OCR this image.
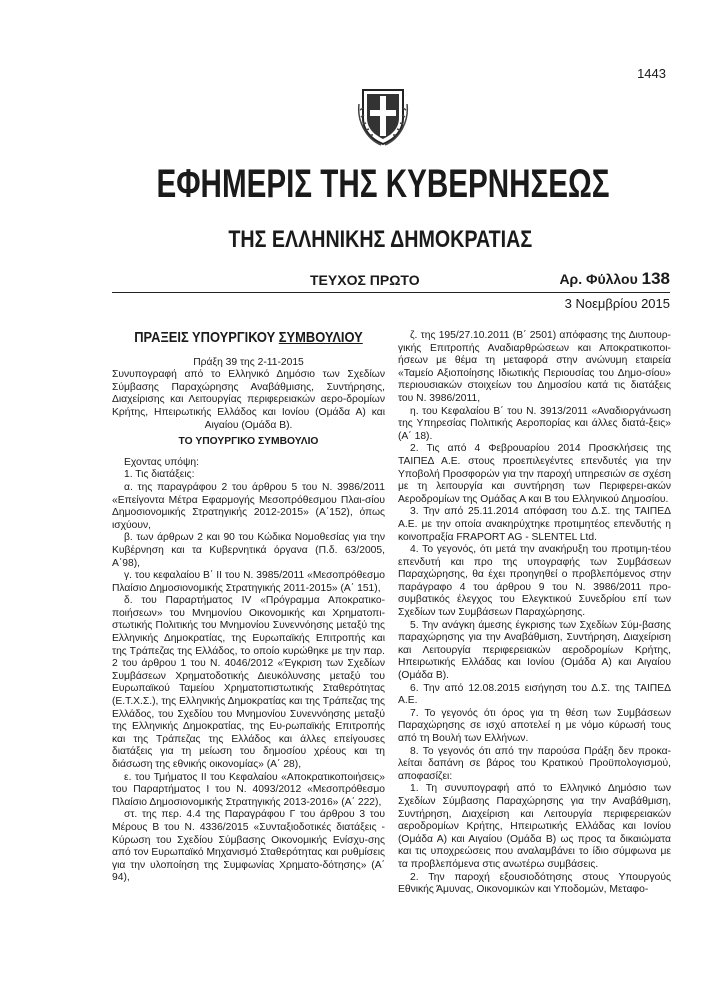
1443
ΕΦΗΜΕΡΙΣ ΤΗΣ ΚΥΒΕΡΝΗΣΕΩΣ
ΤΗΣ ΕΛΛΗΝΙΚΗΣ ΔΗΜΟΚΡΑΤΙΑΣ
ΤΕΥΧΟΣ ΠΡΩΤΟ	Αρ. Φύλλου 138
3 Νοεμβρίου 2015

ΠΡΑΞΕΙΣ ΥΠΟΥΡΓΙΚΟΥ ΣΥΜΒΟΥΛΙΟΥ

Πράξη 39 της 2-11-2015

Συνυπογραφή από το Ελληνικό Δημόσιο των Σχεδίων Σύμβασης Παραχώρησης Αναβάθμισης, Συντήρησης, Διαχείρισης και Λειτουργίας περιφερειακών αερο-δρομίων Κρήτης, Ηπειρωτικής Ελλάδος και Ιονίου (Ομάδα Α) και Αιγαίου (Ομάδα Β).

ΤΟ ΥΠΟΥΡΓΙΚΟ ΣΥΜΒΟΥΛΙΟ

Εχοντας υπόψη:

1. Τις διατάξεις:

α. της παραγράφου 2 του άρθρου 5 του Ν. 3986/2011 «Επείγοντα Μέτρα Εφαρμογής Μεσοπρόθεσμου Πλαι-σίου Δημοσιονομικής Στρατηγικής 2012-2015» (Α΄152), όπως ισχύουν,

β. των άρθρων 2 και 90 του Κώδικα Νομοθεσίας για την Κυβέρνηση και τα Κυβερνητικά όργανα (Π.δ. 63/2005, Α΄98),

γ. του κεφαλαίου Β΄ ΙΙ του Ν. 3985/2011 «Μεσοπρόθεσμο Πλαίσιο Δημοσιονομικής Στρατηγικής 2011-2015» (Α΄ 151),

δ. του Παραρτήματος IV «Πρόγραμμα Αποκρατικο-ποιήσεων» του Μνημονίου Οικονομικής και Χρηματοπι-στωτικής Πολιτικής του Μνημονίου Συνεννόησης μεταξύ της Ελληνικής Δημοκρατίας, της Ευρωπαϊκής Επιτροπής και της Τράπεζας της Ελλάδος, το οποίο κυρώθηκε με την παρ. 2 του άρθρου 1 του Ν. 4046/2012 «Έγκριση των Σχεδίων Συμβάσεων Χρηματοδοτικής Διευκόλυνσης μεταξύ του Ευρωπαϊκού Ταμείου Χρηματοπιστωτικής Σταθερότητας (Ε.Τ.Χ.Σ.), της Ελληνικής Δημοκρατίας και της Τράπεζας της Ελλάδος, του Σχεδίου του Μνημονίου Συνεννόησης μεταξύ της Ελληνικής Δημοκρατίας, της Ευ-ρωπαϊκής Επιτροπής και της Τράπεζας της Ελλάδος και άλλες επείγουσες διατάξεις για τη μείωση του δημοσίου χρέους και τη διάσωση της εθνικής οικονομίας» (Α΄ 28),

ε. του Τμήματος ΙΙ του Κεφαλαίου «Αποκρατικοποιήσεις» του Παραρτήματος Ι του Ν. 4093/2012 «Μεσοπρόθεσμο Πλαίσιο Δημοσιονομικής Στρατηγικής 2013-2016» (Α΄ 222),

στ. της περ. 4.4 της Παραγράφου Γ του άρθρου 3 του Μέρους Β του Ν. 4336/2015 «Συνταξιοδοτικές διατάξεις - Κύρωση του Σχεδίου Σύμβασης Οικονομικής Ενίσχυ-σης από τον Ευρωπαϊκό Μηχανισμό Σταθερότητας και ρυθμίσεις για την υλοποίηση της Συμφωνίας Χρηματο-δότησης» (Α΄ 94),

ζ. της 195/27.10.2011 (Β΄ 2501) απόφασης της Διυπουρ-γικής Επιτροπής Αναδιαρθρώσεων και Αποκρατικοποι-ήσεων με θέμα τη μεταφορά στην ανώνυμη εταιρεία «Ταμείο Αξιοποίησης Ιδιωτικής Περιουσίας του Δημο-σίου» περιουσιακών στοιχείων του Δημοσίου κατά τις διατάξεις του Ν. 3986/2011,

η. του Κεφαλαίου Β΄ του Ν. 3913/2011 «Αναδιοργάνωση της Υπηρεσίας Πολιτικής Αεροπορίας και άλλες διατά-ξεις» (Α΄ 18).

2. Τις από 4 Φεβρουαρίου 2014 Προσκλήσεις της ΤΑΙΠΕΔ Α.Ε. στους προεπιλεγέντες επενδυτές για την Υποβολή Προσφορών για την παροχή υπηρεσιών σε σχέση με τη λειτουργία και συντήρηση των Περιφερει-ακών Αεροδρομίων της Ομάδας Α και Β του Ελληνικού Δημοσίου.

3. Την από 25.11.2014 απόφαση του Δ.Σ. της ΤΑΙΠΕΔ Α.Ε. με την οποία ανακηρύχτηκε προτιμητέος επενδυτής η κοινοπραξία FRAPORT AG - SLENTEL Ltd.

4. Το γεγονός, ότι μετά την ανακήρυξη του προτιμη-τέου επενδυτή και προ της υπογραφής των Συμβάσεων Παραχώρησης, θα έχει προηγηθεί ο προβλεπόμενος στην παράγραφο 4 του άρθρου 9 του Ν. 3986/2011 προ-συμβατικός έλεγχος του Ελεγκτικού Συνεδρίου επί των Σχεδίων των Συμβάσεων Παραχώρησης.

5. Την ανάγκη άμεσης έγκρισης των Σχεδίων Σύμ-βασης παραχώρησης για την Αναβάθμιση, Συντήρηση, Διαχείριση και Λειτουργία περιφερειακών αεροδρομίων Κρήτης, Ηπειρωτικής Ελλάδας και Ιονίου (Ομάδα Α) και Αιγαίου (Ομάδα Β).

6. Την από 12.08.2015 εισήγηση του Δ.Σ. της ΤΑΙΠΕΔ Α.Ε.

7. Το γεγονός ότι όρος για τη θέση των Συμβάσεων Παραχώρησης σε ισχύ αποτελεί η με νόμο κύρωσή τους από τη Βουλή των Ελλήνων.

8. Το γεγονός ότι από την παρούσα Πράξη δεν προκα-λείται δαπάνη σε βάρος του Κρατικού Προϋπολογισμού, αποφασίζει:

1. Τη συνυπογραφή από το Ελληνικό Δημόσιο των Σχεδίων Σύμβασης Παραχώρησης για την Αναβάθμιση, Συντήρηση, Διαχείριση και Λειτουργία περιφερειακών αεροδρομίων Κρήτης, Ηπειρωτικής Ελλάδας και Ιονίου (Ομάδα Α) και Αιγαίου (Ομάδα Β) ως προς τα δικαιώματα και τις υποχρεώσεις που αναλαμβάνει το ίδιο σύμφωνα με τα προβλεπόμενα στις ανωτέρω συμβάσεις.

2. Την παροχή εξουσιοδότησης στους Υπουργούς Εθνικής Άμυνας, Οικονομικών και Υποδομών, Μεταφο-
